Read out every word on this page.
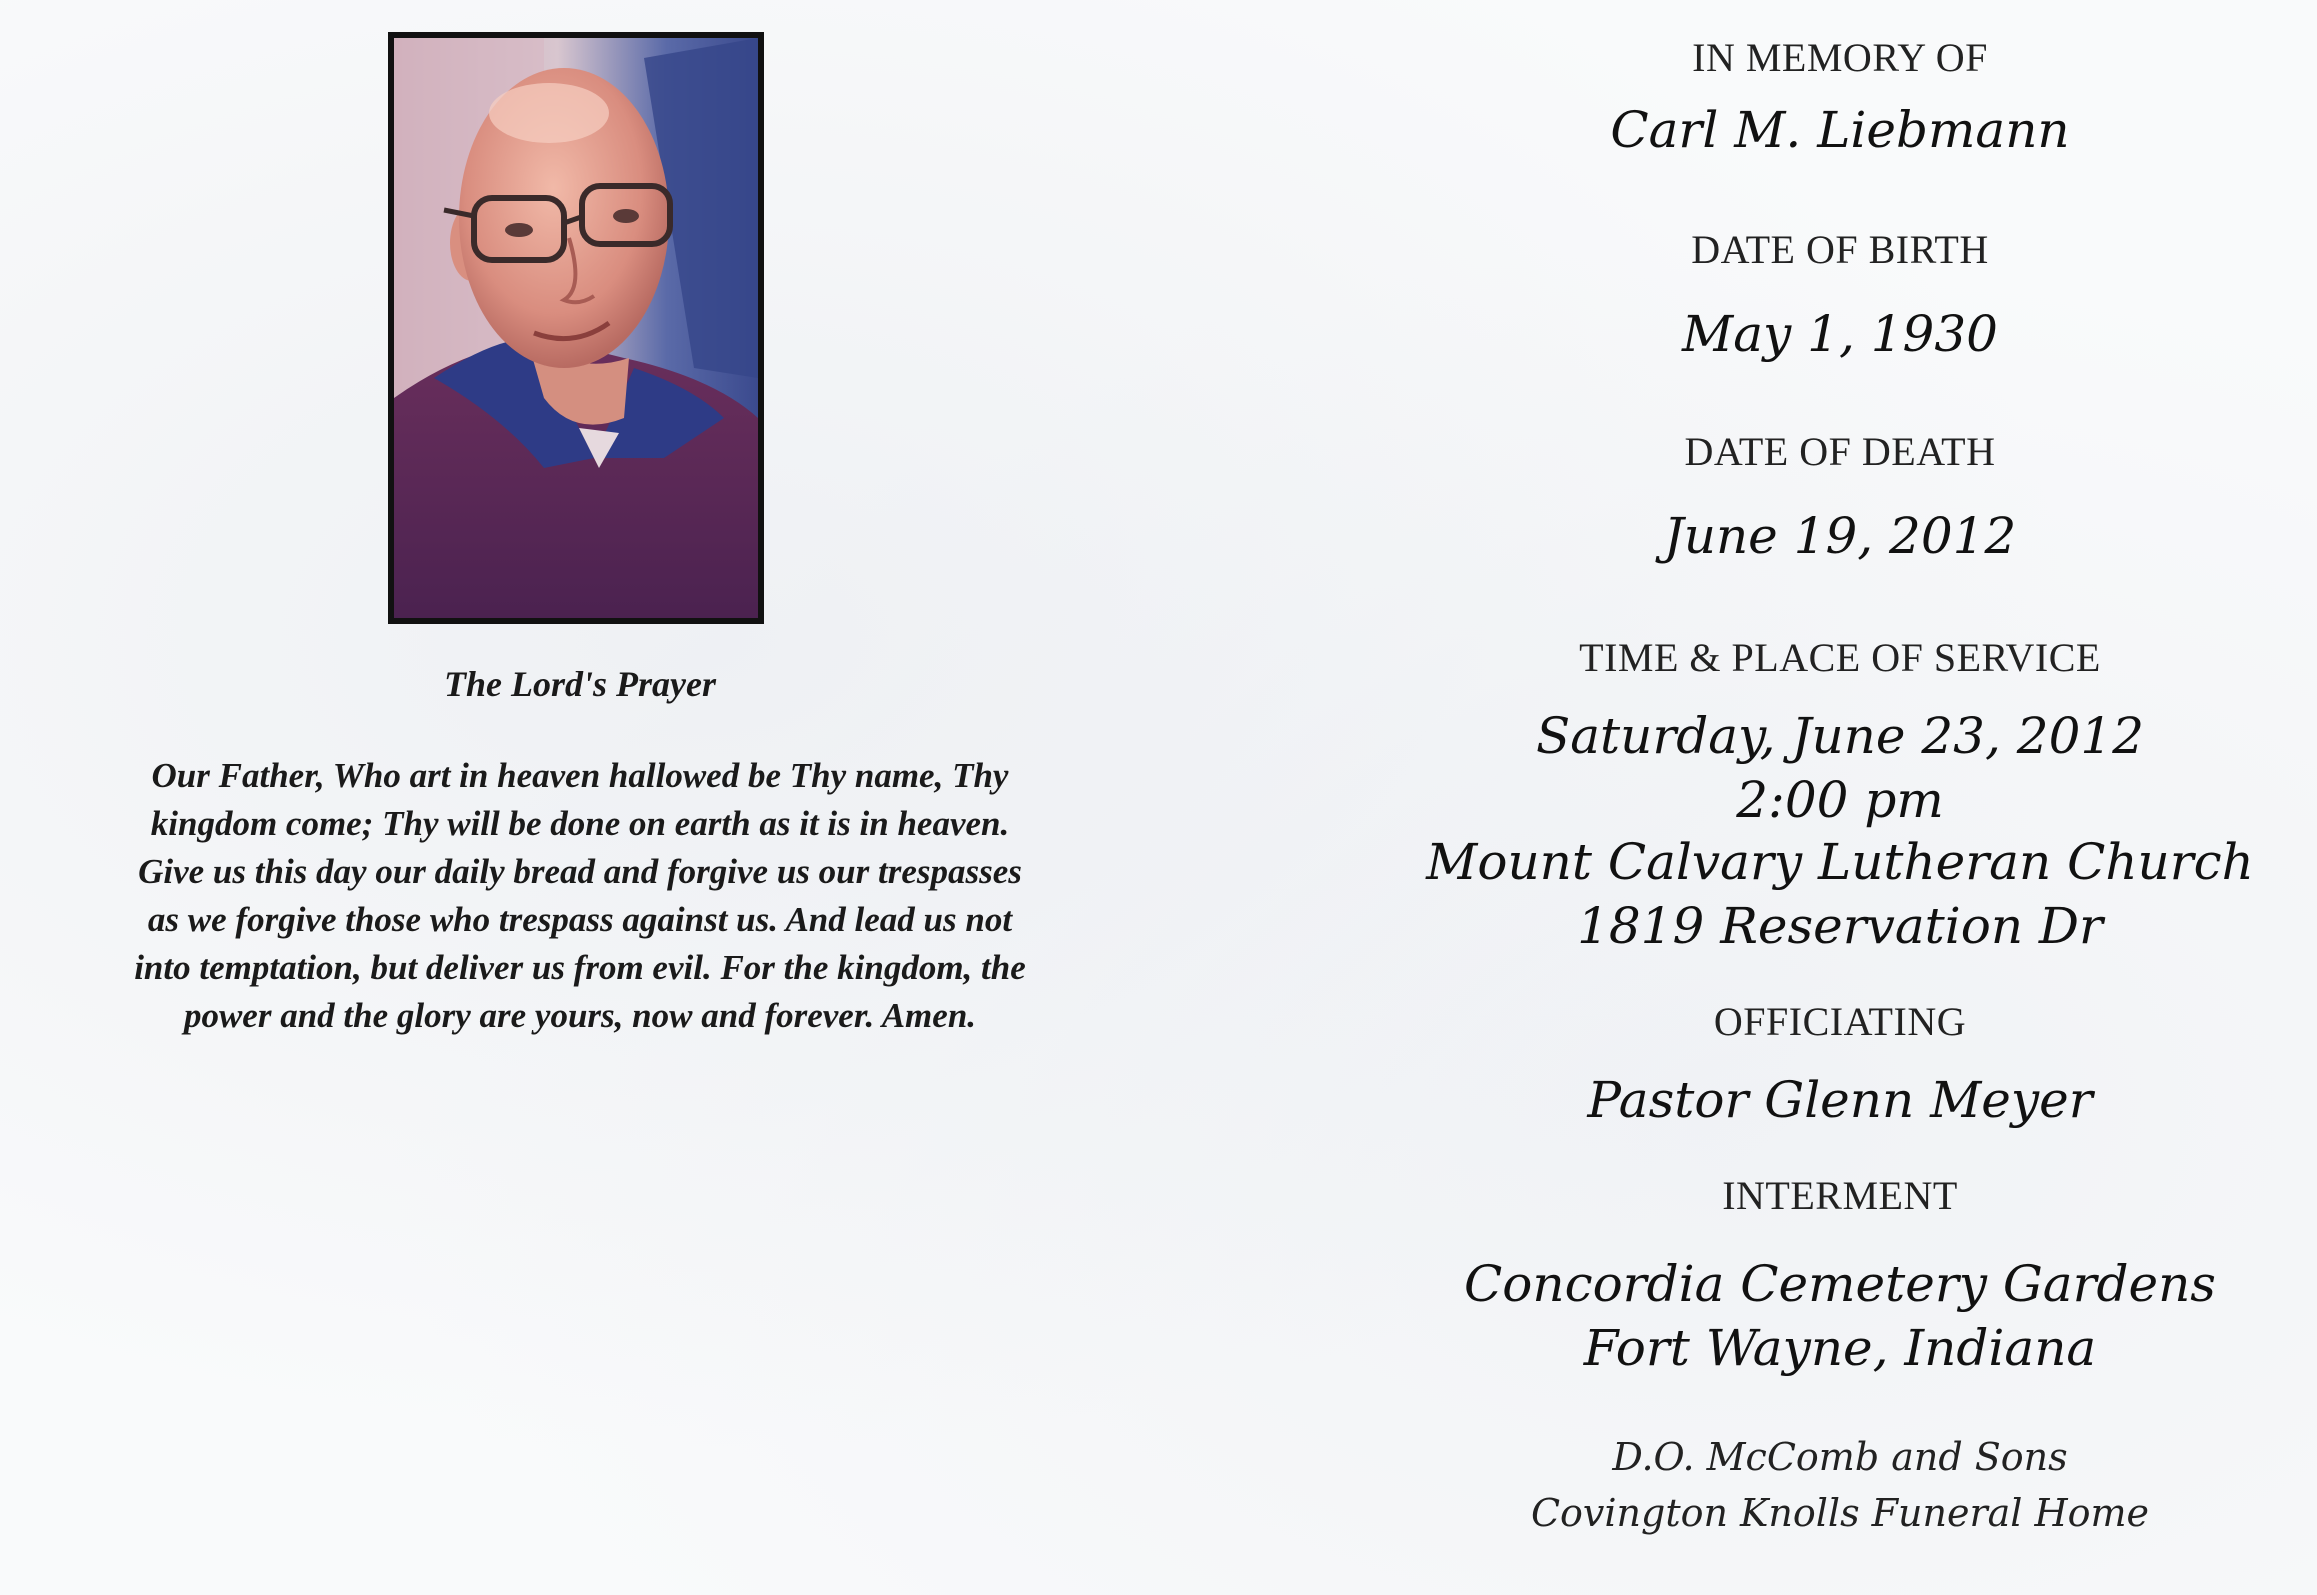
The Lord's Prayer
Our Father, Who art in heaven hallowed be Thy name, Thy
kingdom come; Thy will be done on earth as it is in heaven.
Give us this day our daily bread and forgive us our trespasses
as we forgive those who trespass against us. And lead us not
into temptation, but deliver us from evil. For the kingdom, the
power and the glory are yours, now and forever. Amen.
IN MEMORY OF
Carl M. Liebmann
DATE OF BIRTH
May 1, 1930
DATE OF DEATH
June 19, 2012
TIME & PLACE OF SERVICE
Saturday, June 23, 2012
2:00 pm
Mount Calvary Lutheran Church
1819 Reservation Dr
OFFICIATING
Pastor Glenn Meyer
INTERMENT
Concordia Cemetery Gardens
Fort Wayne, Indiana
D.O. McComb and Sons
Covington Knolls Funeral Home
